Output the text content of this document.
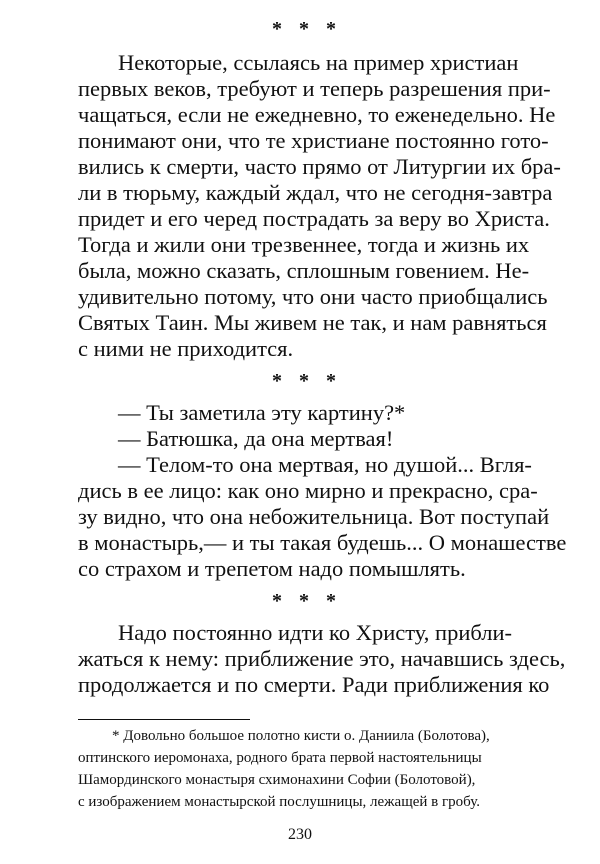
* * *
Некоторые, ссылаясь на пример христиан
первых веков, требуют и теперь разрешения при-
чащаться, если не ежедневно, то еженедельно. Не
понимают они, что те христиане постоянно гото-
вились к смерти, часто прямо от Литургии их бра-
ли в тюрьму, каждый ждал, что не сегодня-завтра
придет и его черед пострадать за веру во Христа.
Тогда и жили они трезвеннее, тогда и жизнь их
была, можно сказать, сплошным говением. Не-
удивительно потому, что они часто приобщались
Святых Таин. Мы живем не так, и нам равняться
с ними не приходится.
* * *
— Ты заметила эту картину?*
— Батюшка, да она мертвая!
— Телом-то она мертвая, но душой... Вгля-
дись в ее лицо: как оно мирно и прекрасно, сра-
зу видно, что она небожительница. Вот поступай
в монастырь,— и ты такая будешь... О монашестве
со страхом и трепетом надо помышлять.
* * *
Надо постоянно идти ко Христу, прибли-
жаться к нему: приближение это, начавшись здесь,
продолжается и по смерти. Ради приближения ко
* Довольно большое полотно кисти о. Даниила (Болотова),
оптинского иеромонаха, родного брата первой настоятельницы
Шамординского монастыря схимонахини Софии (Болотовой),
с изображением монастырской послушницы, лежащей в гробу.
230
